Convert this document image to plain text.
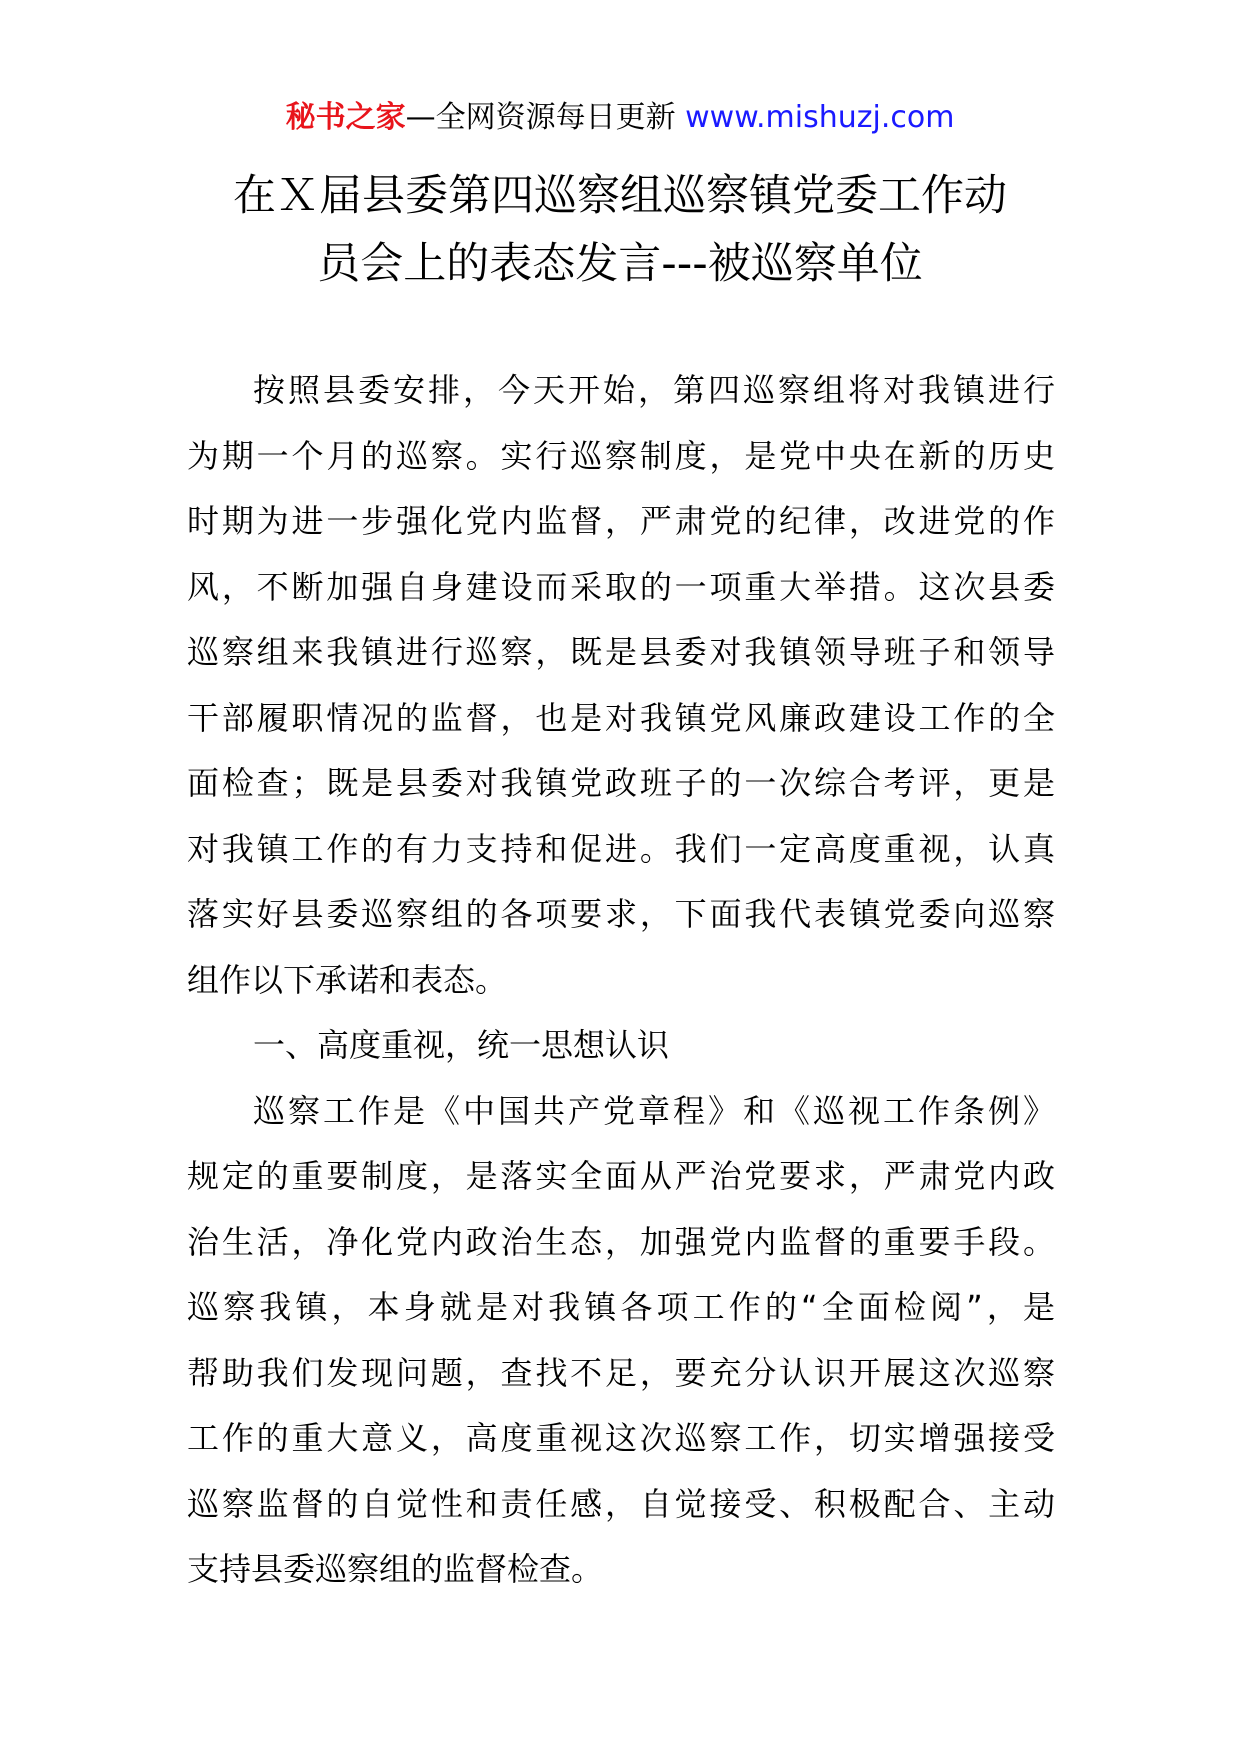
秘书之家—全网资源每日更新 www.mishuzj.com
在Ｘ届县委第四巡察组巡察镇党委工作动
员会上的表态发言---被巡察单位
按照县委安排，今天开始，第四巡察组将对我镇进行
为期一个月的巡察。实行巡察制度，是党中央在新的历史
时期为进一步强化党内监督，严肃党的纪律，改进党的作
风，不断加强自身建设而采取的一项重大举措。这次县委
巡察组来我镇进行巡察，既是县委对我镇领导班子和领导
干部履职情况的监督，也是对我镇党风廉政建设工作的全
面检查；既是县委对我镇党政班子的一次综合考评，更是
对我镇工作的有力支持和促进。我们一定高度重视，认真
落实好县委巡察组的各项要求，下面我代表镇党委向巡察
组作以下承诺和表态。
一、高度重视，统一思想认识
巡察工作是《中国共产党章程》和《巡视工作条例》
规定的重要制度，是落实全面从严治党要求，严肃党内政
治生活，净化党内政治生态，加强党内监督的重要手段。
巡察我镇，本身就是对我镇各项工作的“全面检阅”，是
帮助我们发现问题，查找不足，要充分认识开展这次巡察
工作的重大意义，高度重视这次巡察工作，切实增强接受
巡察监督的自觉性和责任感，自觉接受、积极配合、主动
支持县委巡察组的监督检查。
